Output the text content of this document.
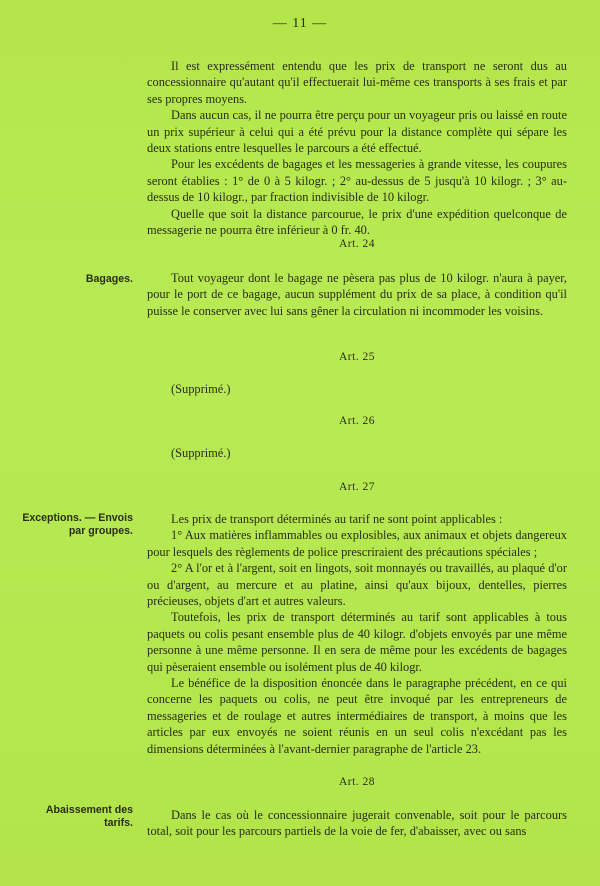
— 11 —

Il est expressément entendu que les prix de transport ne seront dus au concessionnaire qu'autant qu'il effectuerait lui-même ces transports à ses frais et par ses propres moyens.

Dans aucun cas, il ne pourra être perçu pour un voyageur pris ou laissé en route un prix supérieur à celui qui a été prévu pour la distance complète qui sépare les deux stations entre lesquelles le parcours a été effectué.

Pour les excédents de bagages et les messageries à grande vitesse, les coupures seront établies : 1° de 0 à 5 kilogr. ; 2° au-dessus de 5 jusqu'à 10 kilogr. ; 3° au-dessus de 10 kilogr., par fraction indivisible de 10 kilogr.

Quelle que soit la distance parcourue, le prix d'une expédition quelconque de messagerie ne pourra être inférieur à 0 fr. 40.

Art. 24
Bagages.	Tout voyageur dont le bagage ne pèsera pas plus de 10 kilogr. n'aura à payer, pour le port de ce bagage, aucun supplément du prix de sa place, à condition qu'il puisse le conserver avec lui sans gêner la circulation ni incommoder les voisins.

Art. 25
(Supprimé.)
Art. 26
(Supprimé.)
Art. 27
Exceptions. — Envois
par groupes.

Les prix de transport déterminés au tarif ne sont point applicables :

1° Aux matières inflammables ou explosibles, aux animaux et objets dangereux pour lesquels des règlements de police prescriraient des précautions spéciales ;

2° A l'or et à l'argent, soit en lingots, soit monnayés ou travaillés, au plaqué d'or ou d'argent, au mercure et au platine, ainsi qu'aux bijoux, dentelles, pierres précieuses, objets d'art et autres valeurs.

Toutefois, les prix de transport déterminés au tarif sont applicables à tous paquets ou colis pesant ensemble plus de 40 kilogr. d'objets envoyés par une même personne à une même personne. Il en sera de même pour les excédents de bagages qui pèseraient ensemble ou isolément plus de 40 kilogr.

Le bénéfice de la disposition énoncée dans le paragraphe précédent, en ce qui concerne les paquets ou colis, ne peut être invoqué par les entrepreneurs de messageries et de roulage et autres intermédiaires de transport, à moins que les articles par eux envoyés ne soient réunis en un seul colis n'excédant pas les dimensions déterminées à l'avant-dernier paragraphe de l'article 23.

Art. 28
Abaissement des
tarifs.

Dans le cas où le concessionnaire jugerait convenable, soit pour le parcours total, soit pour les parcours partiels de la voie de fer, d'abaisser, avec ou sans
